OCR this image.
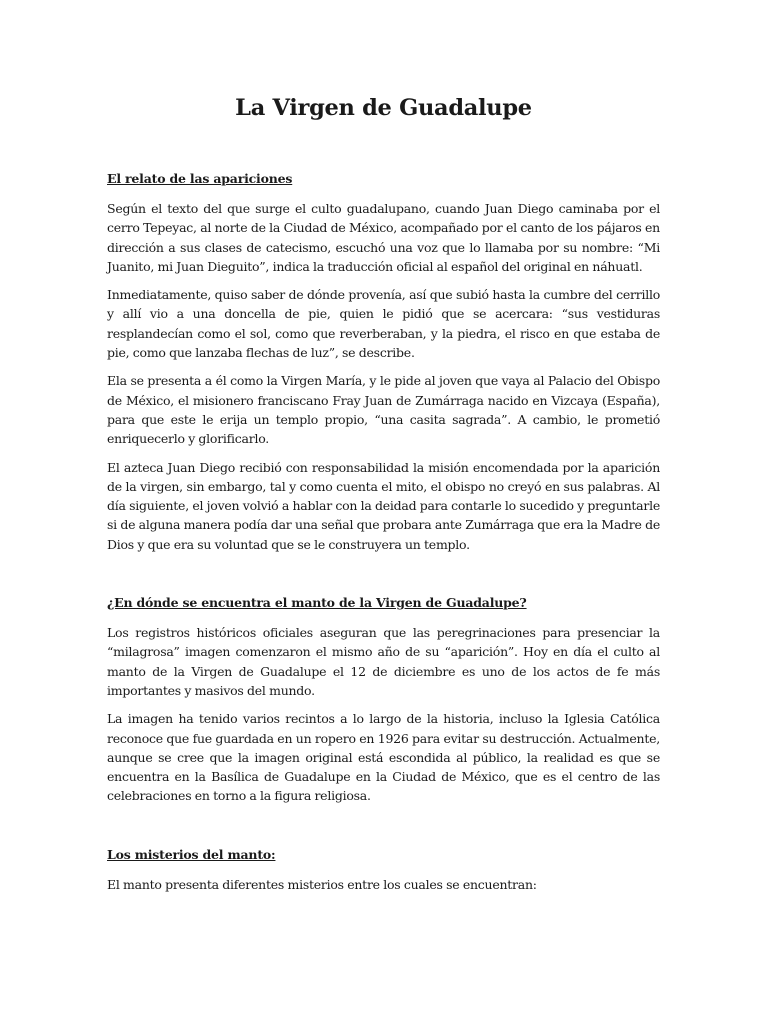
La Virgen de Guadalupe
El relato de las apariciones

Según el texto del que surge el culto guadalupano, cuando Juan Diego caminaba por el cerro Tepeyac, al norte de la Ciudad de México, acompañado por el canto de los pájaros en dirección a sus clases de catecismo, escuchó una voz que lo llamaba por su nombre: “Mi Juanito, mi Juan Dieguito”, indica la traducción oficial al español del original en náhuatl.

Inmediatamente, quiso saber de dónde provenía, así que subió hasta la cumbre del cerrillo y allí vio a una doncella de pie, quien le pidió que se acercara: “sus vestiduras resplandecían como el sol, como que reverberaban, y la piedra, el risco en que estaba de pie, como que lanzaba flechas de luz”, se describe.

Ela se presenta a él como la Virgen María, y le pide al joven que vaya al Palacio del Obispo de México, el misionero franciscano Fray Juan de Zumárraga nacido en Vizcaya (España), para que este le erija un templo propio, “una casita sagrada”. A cambio, le prometió enriquecerlo y glorificarlo.

El azteca Juan Diego recibió con responsabilidad la misión encomendada por la aparición de la virgen, sin embargo, tal y como cuenta el mito, el obispo no creyó en sus palabras. Al día siguiente, el joven volvió a hablar con la deidad para contarle lo sucedido y preguntarle si de alguna manera podía dar una señal que probara ante Zumárraga que era la Madre de Dios y que era su voluntad que se le construyera un templo.

¿En dónde se encuentra el manto de la Virgen de Guadalupe?

Los registros históricos oficiales aseguran que las peregrinaciones para presenciar la “milagrosa” imagen comenzaron el mismo año de su “aparición”. Hoy en día el culto al manto de la Virgen de Guadalupe el 12 de diciembre es uno de los actos de fe más importantes y masivos del mundo.

La imagen ha tenido varios recintos a lo largo de la historia, incluso la Iglesia Católica reconoce que fue guardada en un ropero en 1926 para evitar su destrucción. Actualmente, aunque se cree que la imagen original está escondida al público, la realidad es que se encuentra en la Basílica de Guadalupe en la Ciudad de México, que es el centro de las celebraciones en torno a la figura religiosa.

Los misterios del manto:

El manto presenta diferentes misterios entre los cuales se encuentran:
